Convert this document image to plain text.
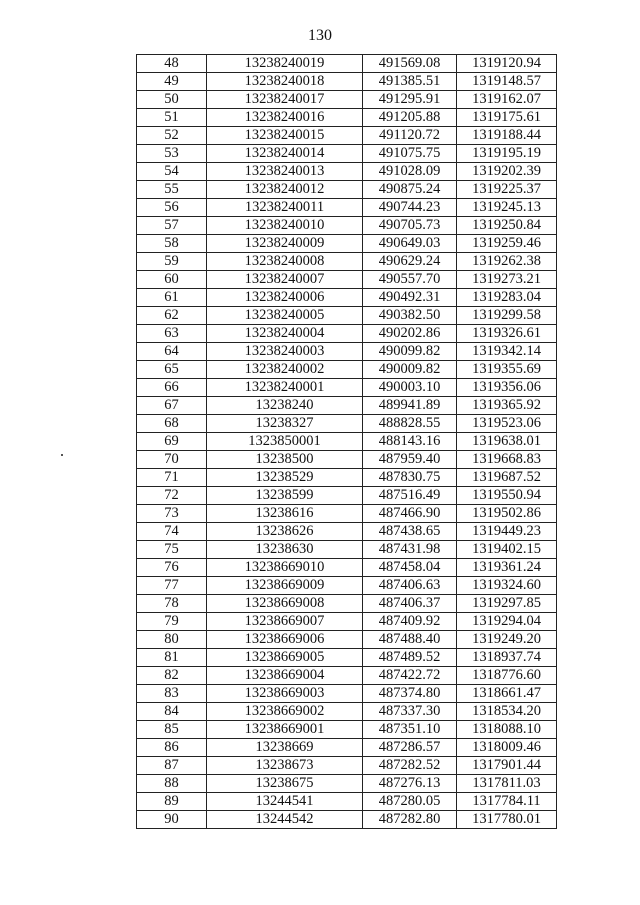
130
48	13238240019	491569.08	1319120.94
49	13238240018	491385.51	1319148.57
50	13238240017	491295.91	1319162.07
51	13238240016	491205.88	1319175.61
52	13238240015	491120.72	1319188.44
53	13238240014	491075.75	1319195.19
54	13238240013	491028.09	1319202.39
55	13238240012	490875.24	1319225.37
56	13238240011	490744.23	1319245.13
57	13238240010	490705.73	1319250.84
58	13238240009	490649.03	1319259.46
59	13238240008	490629.24	1319262.38
60	13238240007	490557.70	1319273.21
61	13238240006	490492.31	1319283.04
62	13238240005	490382.50	1319299.58
63	13238240004	490202.86	1319326.61
64	13238240003	490099.82	1319342.14
65	13238240002	490009.82	1319355.69
66	13238240001	490003.10	1319356.06
67	13238240	489941.89	1319365.92
68	13238327	488828.55	1319523.06
69	1323850001	488143.16	1319638.01
70	13238500	487959.40	1319668.83
71	13238529	487830.75	1319687.52
72	13238599	487516.49	1319550.94
73	13238616	487466.90	1319502.86
74	13238626	487438.65	1319449.23
75	13238630	487431.98	1319402.15
76	13238669010	487458.04	1319361.24
77	13238669009	487406.63	1319324.60
78	13238669008	487406.37	1319297.85
79	13238669007	487409.92	1319294.04
80	13238669006	487488.40	1319249.20
81	13238669005	487489.52	1318937.74
82	13238669004	487422.72	1318776.60
83	13238669003	487374.80	1318661.47
84	13238669002	487337.30	1318534.20
85	13238669001	487351.10	1318088.10
86	13238669	487286.57	1318009.46
87	13238673	487282.52	1317901.44
88	13238675	487276.13	1317811.03
89	13244541	487280.05	1317784.11
90	13244542	487282.80	1317780.01
